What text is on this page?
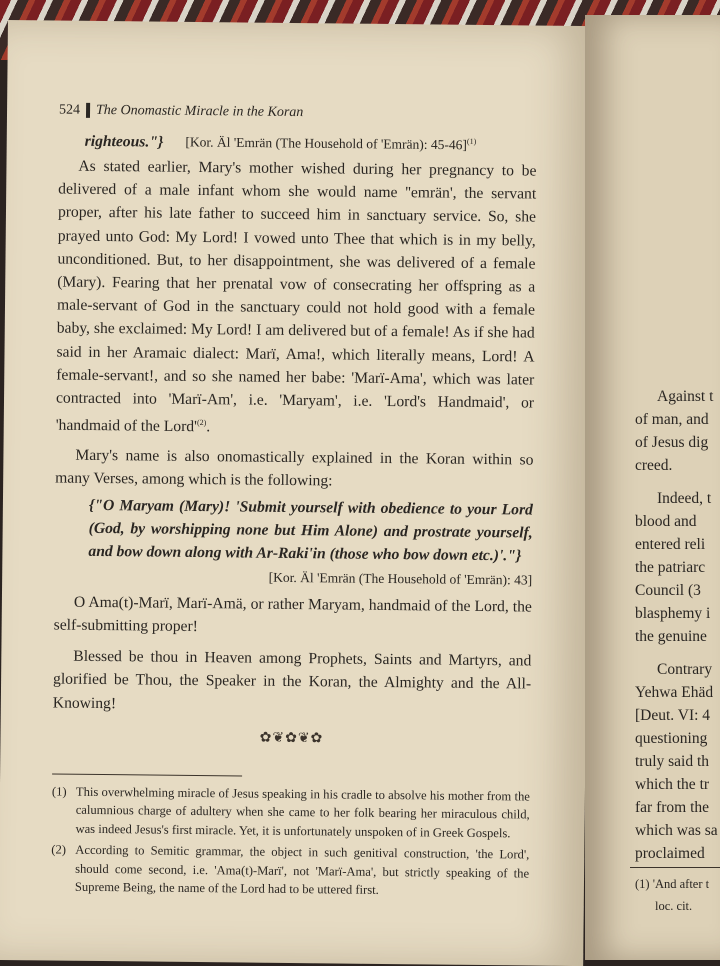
524 The Onomastic Miracle in the Koran
righteous."} [Kor. Äl 'Emrän (The Household of 'Emrän): 45-46]$^{(1)}$

As stated earlier, Mary's mother wished during her pregnancy to be delivered of a male infant whom she would name ''emrän', the servant proper, after his late father to succeed him in sanctuary service. So, she prayed unto God: My Lord! I vowed unto Thee that which is in my belly, unconditioned. But, to her disappointment, she was delivered of a female (Mary). Fearing that her prenatal vow of consecrating her offspring as a male-servant of God in the sanctuary could not hold good with a female baby, she exclaimed: My Lord! I am delivered but of a female! As if she had said in her Aramaic dialect: Marï, Ama!, which literally means, Lord! A female-servant!, and so she named her babe: 'Marï-Ama', which was later contracted into 'Marï-Am', i.e. 'Maryam', i.e. 'Lord's Handmaid', or 'handmaid of the $Lord'^{(2)}$.

Mary's name is also onomastically explained in the Koran within so many Verses, among which is the following:

{"O Maryam (Mary)! 'Submit yourself with obedience to your Lord (God, by worshipping none but Him Alone) and prostrate yourself, and bow down along with Ar-Raki'in (those who bow down etc.)'."}
[Kor. Äl 'Emrän (The Household of 'Emrän): 43]

O Ama(t)-Marï, Marï-Amä, or rather Maryam, handmaid of the Lord, the self-submitting proper!

Blessed be thou in Heaven among Prophets, Saints and Martyrs, and glorified be Thou, the Speaker in the Koran, the Almighty and the All-Knowing!

✿❦✿❦✿
(1) This overwhelming miracle of Jesus speaking in his cradle to absolve his mother from the calumnious charge of adultery when she came to her folk bearing her miraculous child, was indeed Jesus's first miracle. Yet, it is unfortunately unspoken of in Greek Gospels.
(2) According to Semitic grammar, the object in such genitival construction, 'the Lord', should come second, i.e. 'Ama(t)-Marï', not 'Marï-Ama', but strictly speaking of the Supreme Being, the name of the Lord had to be uttered first.
Against t
of man, and
of Jesus dig
creed.
Indeed, t
blood and
entered reli
the patriarc
Council (3
blasphemy i
the genuine
Contrary
Yehwa Ehäd
[Deut. VI: 4
questioning
truly said th
which the tr
far from the
which was sa
proclaimed
(1) 'And after t
loc. cit.
